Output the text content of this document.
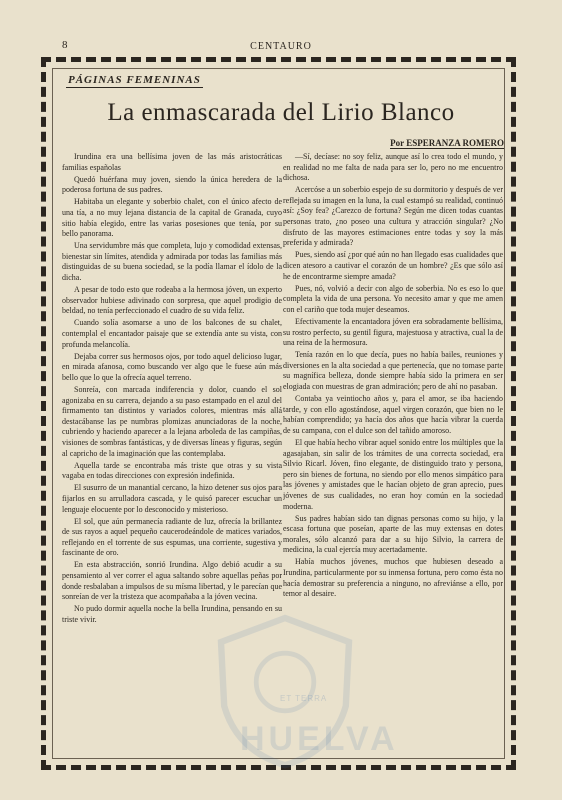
8	CENTAURO
PÁGINAS FEMENINAS
La enmascarada del Lirio Blanco
Por ESPERANZA ROMERO

Irundina era una bellísima joven de las más aristocráticas familias españolas

Quedó huérfana muy joven, siendo la única heredera de la poderosa fortuna de sus padres.

Habitaba un elegante y soberbio chalet, con el único afecto de una tía, a no muy lejana distancia de la capital de Granada, cuyo sitio había elegido, entre las varias posesiones que tenía, por su bello panorama.

Una servidumbre más que completa, lujo y comodidad extensas, bienestar sin límites, atendida y admirada por todas las familias más distinguidas de su buena sociedad, se la podía llamar el ídolo de la dicha.

A pesar de todo esto que rodeaba a la hermosa jóven, un experto observador hubiese adivinado con sorpresa, que aquel prodigio de beldad, no tenía perfeccionado el cuadro de su vida feliz.

Cuando solía asomarse a uno de los balcones de su chalet, contemplal el encantador paisaje que se extendía ante su vista, con profunda melancolía.

Dejaba correr sus hermosos ojos, por todo aquel delicioso lugar, en mirada afanosa, como buscando ver algo que le fuese aún más bello que lo que la ofrecía aquel terreno.

Sonreía, con marcada indiferencia y dolor, cuando el sol agonizaba en su carrera, dejando a su paso estampado en el azul del firmamento tan distintos y variados colores, mientras más allá destacábanse las pe numbras plomizas anunciadoras de la noche, cubriendo y haciendo aparecer a la lejana arboleda de las campiñas, visiones de sombras fantásticas, y de diversas líneas y figuras, según al capricho de la imaginación que las contemplaba.

Aquella tarde se encontraba más triste que otras y su vista vagaba en todas direcciones con expresión indefinida.

El susurro de un manantial cercano, la hizo detener sus ojos para fijarlos en su arrulladora cascada, y le quisó parecer escuchar un lenguaje elocuente por lo desconocido y misterioso.

El sol, que aún permanecía radiante de luz, ofrecía la brillantez de sus rayos a aquel pequeño caucerodeándole de matices variados, reflejando en el torrente de sus espumas, una corriente, sugestiva y fascinante de oro.

En esta abstracción, sonrió Irundina. Algo debió acudir a su pensamiento al ver correr el agua saltando sobre aquellas peñas por donde resbalaban a impulsos de su mísma libertad, y le parecían que sonreían de ver la tristeza que acompañaba a la jóven vecina.

No pudo dormir aquella noche la bella Irundina, pensando en su triste vivir.

—Sí, decíase: no soy feliz, aunque así lo crea todo el mundo, y en realidad no me falta de nada para ser lo, pero no me encuentro dichosa.

Acercóse a un soberbio espejo de su dormitorio y después de ver reflejada su imagen en la luna, la cual estampó su realidad, continuó así: ¿Soy fea? ¿Carezco de fortuna? Según me dicen todas cuantas personas trato, ¿no poseo una cultura y atracción singular? ¿No disfruto de las mayores estimaciones entre todas y soy la más preferida y admirada?

Pues, siendo así ¿por qué aún no han llegado esas cualidades que dicen atesoro a cautivar el corazón de un hombre? ¿Es que sólo así he de encontrarme siempre amada?

Pues, nó, volvió a decir con algo de soberbia. No es eso lo que completa la vida de una persona. Yo necesito amar y que me amen con el cariño que toda mujer deseamos.

Efectivamente la encantadora jóven era sobradamente bellísima, su rostro perfecto, su gentil figura, majestuosa y atractiva, cual la de una reina de la hermosura.

Tenía razón en lo que decía, pues no había bailes, reuniones y diversiones en la alta sociedad a que pertenecía, que no tomase parte su magnífica belleza, donde siempre había sido la primera en ser elogiada con muestras de gran admiración; pero de ahí no pasaban.

Contaba ya veintiocho años y, para el amor, se iba haciendo tarde, y con ello agostándose, aquel virgen corazón, que bien no le habían comprendido; ya hacía dos años que hacía vibrar la cuerda de su campana, con el dulce son del tañido amoroso.

El que había hecho vibrar aquel sonido entre los múltiples que la agasajaban, sin salir de los trámites de una correcta sociedad, era Silvio Ricarl. Jóven, fino elegante, de distinguido trato y persona, pero sin bienes de fortuna, no siendo por ello menos simpático para las jóvenes y amistades que le hacían objeto de gran aprecio, pues jóvenes de sus cualidades, no eran hoy común en la sociedad moderna.

Sus padres habían sido tan dignas personas como su hijo, y la escasa fortuna que poseían, aparte de las muy extensas en dotes morales, sólo alcanzó para dar a su hijo Silvio, la carrera de medicina, la cual ejercía muy acertadamente.

Había muchos jóvenes, muchos que hubiesen deseado a Irundina, particularmente por su inmensa fortuna, pero como ésta no hacía demostrar su preferencia a ninguno, no afreviánse a ello, por temor al desaire.

ET TERRA
HUELVA
